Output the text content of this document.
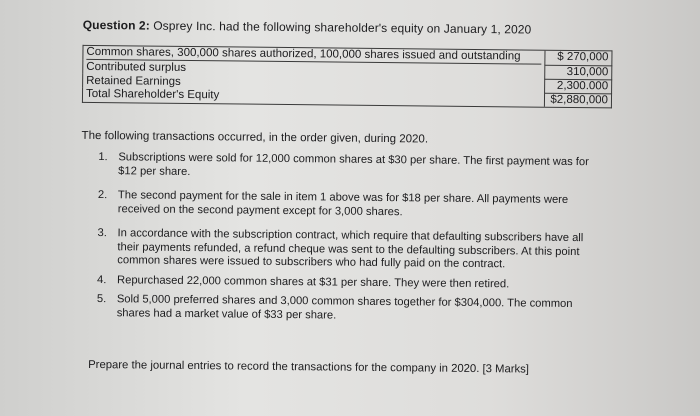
Question 2: Osprey Inc. had the following shareholder's equity on January 1, 2020
Common shares, 300,000 shares authorized, 100,000 shares issued and outstanding	$ 270,000
Contributed surplus	310,000
Retained Earnings	2,300.000
Total Shareholder's Equity	$2,880,000
The following transactions occurred, in the order given, during 2020.
1. Subscriptions were sold for 12,000 common shares at $30 per share. The first payment was for $12 per share.
2. The second payment for the sale in item 1 above was for $18 per share. All payments were received on the second payment except for 3,000 shares.
3. In accordance with the subscription contract, which require that defaulting subscribers have all their payments refunded, a refund cheque was sent to the defaulting subscribers. At this point common shares were issued to subscribers who had fully paid on the contract.
4. Repurchased 22,000 common shares at $31 per share. They were then retired.
5. Sold 5,000 preferred shares and 3,000 common shares together for $304,000. The common shares had a market value of $33 per share.
Prepare the journal entries to record the transactions for the company in 2020. [3 Marks]
